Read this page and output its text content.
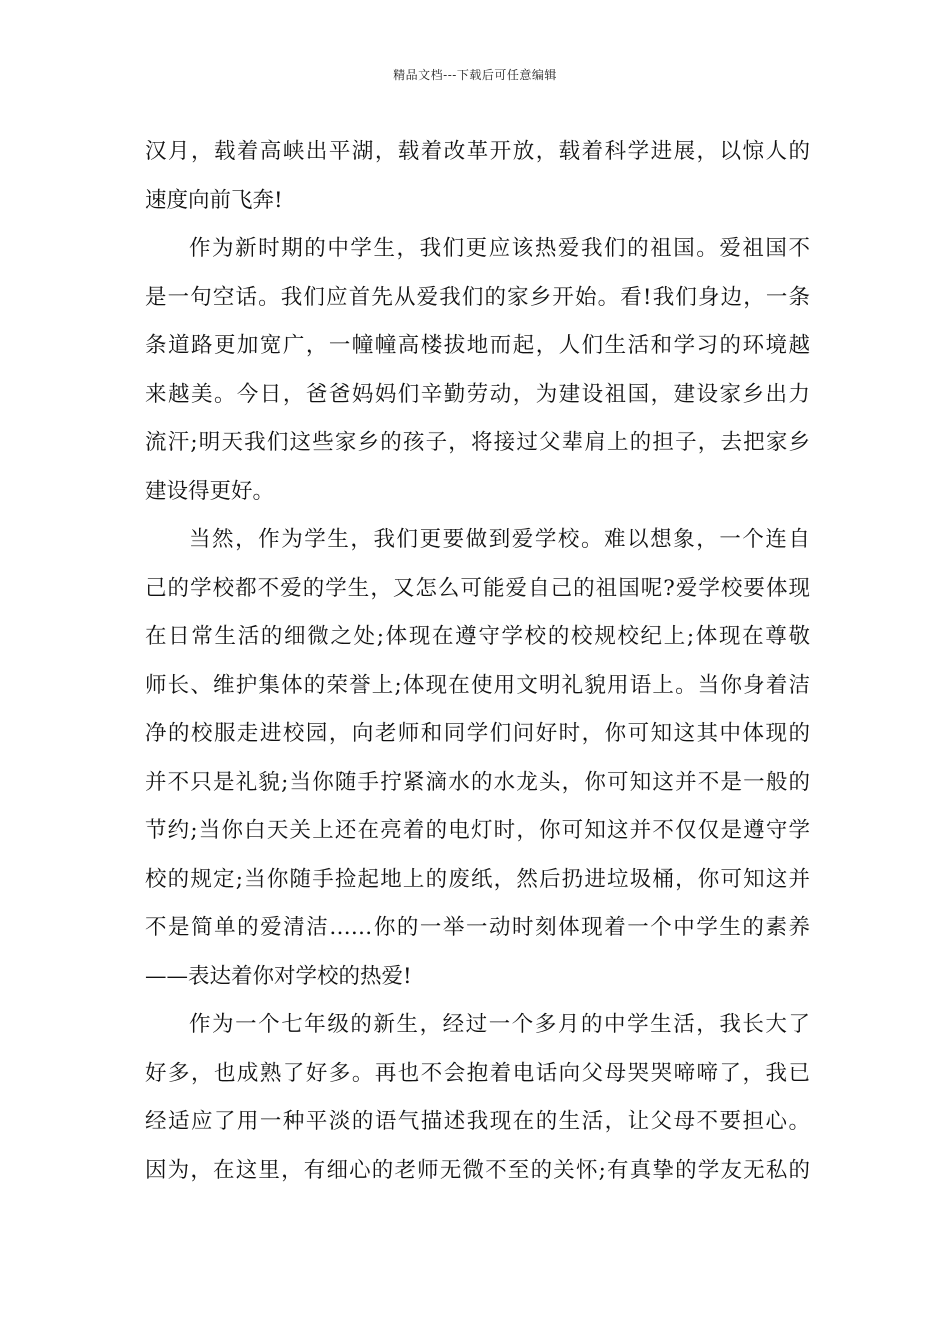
精品文档---下载后可任意编辑
汉月，载着高峡出平湖，载着改革开放，载着科学进展，以惊人的
速度向前飞奔!
作为新时期的中学生，我们更应该热爱我们的祖国。爱祖国不
是一句空话。我们应首先从爱我们的家乡开始。看!我们身边，一条
条道路更加宽广，一幢幢高楼拔地而起，人们生活和学习的环境越
来越美。今日，爸爸妈妈们辛勤劳动，为建设祖国，建设家乡出力
流汗;明天我们这些家乡的孩子，将接过父辈肩上的担子，去把家乡
建设得更好。
当然，作为学生，我们更要做到爱学校。难以想象，一个连自
己的学校都不爱的学生，又怎么可能爱自己的祖国呢?爱学校要体现
在日常生活的细微之处;体现在遵守学校的校规校纪上;体现在尊敬
师长、维护集体的荣誉上;体现在使用文明礼貌用语上。当你身着洁
净的校服走进校园，向老师和同学们问好时，你可知这其中体现的
并不只是礼貌;当你随手拧紧滴水的水龙头，你可知这并不是一般的
节约;当你白天关上还在亮着的电灯时，你可知这并不仅仅是遵守学
校的规定;当你随手捡起地上的废纸，然后扔进垃圾桶，你可知这并
不是简单的爱清洁……你的一举一动时刻体现着一个中学生的素养
——表达着你对学校的热爱!
作为一个七年级的新生，经过一个多月的中学生活，我长大了
好多，也成熟了好多。再也不会抱着电话向父母哭哭啼啼了，我已
经适应了用一种平淡的语气描述我现在的生活，让父母不要担心。
因为，在这里，有细心的老师无微不至的关怀;有真挚的学友无私的
